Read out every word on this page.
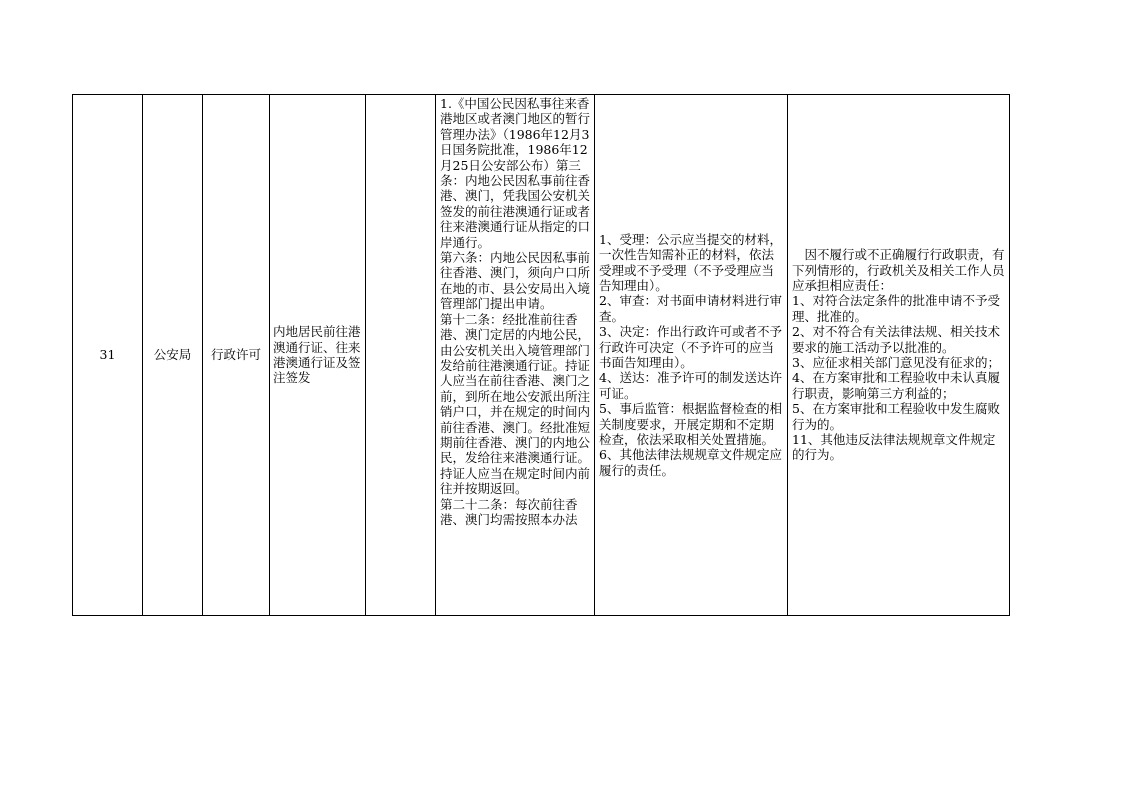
31	公安局 行政许可
内地居民前往港澳通行证、往来港澳通行证及签注签发

1.《中国公民因私事往来香港地区或者澳门地区的暂行管理办法》（1986年12月3日国务院批准，1986年12月25日公安部公布）第三条：内地公民因私事前往香港、澳门，凭我国公安机关签发的前往港澳通行证或者往来港澳通行证从指定的口岸通行。

第六条：内地公民因私事前往香港、澳门，须向户口所在地的市、县公安局出入境管理部门提出申请。

第十二条：经批准前往香港、澳门定居的内地公民，由公安机关出入境管理部门发给前往港澳通行证。持证人应当在前往香港、澳门之前，到所在地公安派出所注销户口，并在规定的时间内前往香港、澳门。经批准短期前往香港、澳门的内地公民，发给往来港澳通行证。持证人应当在规定时间内前往并按期返回。

第二十二条：每次前往香港、澳门均需按照本办法

1、受理：公示应当提交的材料，一次性告知需补正的材料，依法受理或不予受理（不予受理应当告知理由）。

2、审查：对书面申请材料进行审查。

3、决定：作出行政许可或者不予行政许可决定（不予许可的应当书面告知理由）。

4、送达：准予许可的制发送达许可证。

5、事后监管：根据监督检查的相关制度要求，开展定期和不定期检查，依法采取相关处置措施。

6、其他法律法规规章文件规定应履行的责任。

　因不履行或不正确履行行政职责，有下列情形的，行政机关及相关工作人员应承担相应责任：

1、对符合法定条件的批准申请不予受理、批准的。

2、对不符合有关法律法规、相关技术要求的施工活动予以批准的。

3、应征求相关部门意见没有征求的；

4、在方案审批和工程验收中未认真履行职责，影响第三方利益的；

5、在方案审批和工程验收中发生腐败行为的。

11、其他违反法律法规规章文件规定的行为。
